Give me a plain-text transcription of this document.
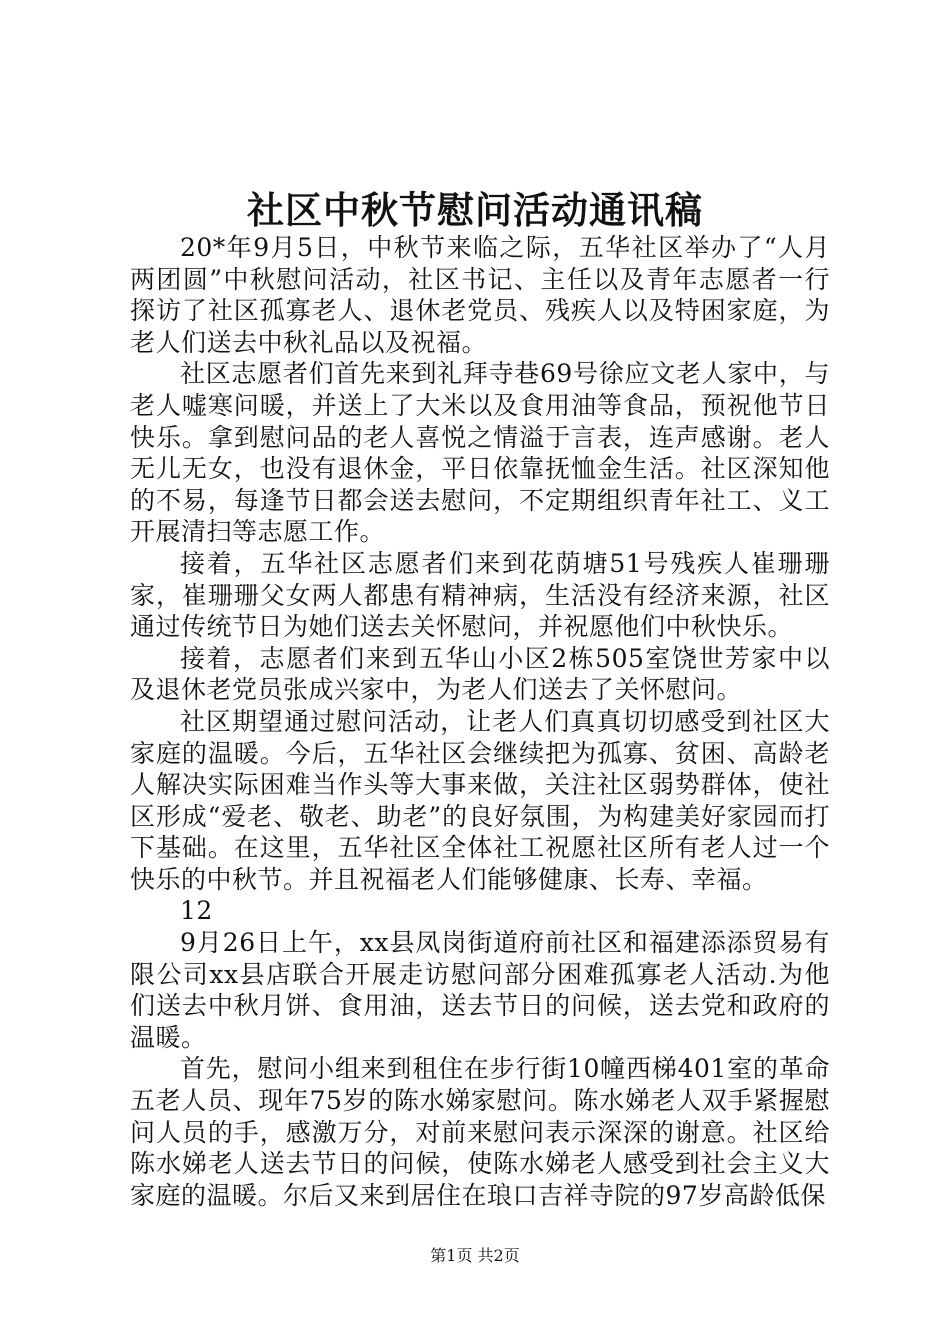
社区中秋节慰问活动通讯稿

20*年9月5日，中秋节来临之际，五华社区举办了“人月两团圆”中秋慰问活动，社区书记、主任以及青年志愿者一行探访了社区孤寡老人、退休老党员、残疾人以及特困家庭，为老人们送去中秋礼品以及祝福。

社区志愿者们首先来到礼拜寺巷69号徐应文老人家中，与老人嘘寒问暖，并送上了大米以及食用油等食品，预祝他节日快乐。拿到慰问品的老人喜悦之情溢于言表，连声感谢。老人无儿无女，也没有退休金，平日依靠抚恤金生活。社区深知他的不易，每逢节日都会送去慰问，不定期组织青年社工、义工开展清扫等志愿工作。

接着，五华社区志愿者们来到花荫塘51号残疾人崔珊珊家，崔珊珊父女两人都患有精神病，生活没有经济来源，社区通过传统节日为她们送去关怀慰问，并祝愿他们中秋快乐。

接着，志愿者们来到五华山小区2栋505室饶世芳家中以及退休老党员张成兴家中，为老人们送去了关怀慰问。

社区期望通过慰问活动，让老人们真真切切感受到社区大家庭的温暖。今后，五华社区会继续把为孤寡、贫困、高龄老人解决实际困难当作头等大事来做，关注社区弱势群体，使社区形成“爱老、敬老、助老”的良好氛围，为构建美好家园而打下基础。在这里，五华社区全体社工祝愿社区所有老人过一个快乐的中秋节。并且祝福老人们能够健康、长寿、幸福。

12

9月26日上午，xx县凤岗街道府前社区和福建添添贸易有限公司xx县店联合开展走访慰问部分困难孤寡老人活动.为他们送去中秋月饼、食用油，送去节日的问候，送去党和政府的温暖。

首先，慰问小组来到租住在步行街10幢西梯401室的革命五老人员、现年75岁的陈水娣家慰问。陈水娣老人双手紧握慰问人员的手，感激万分，对前来慰问表示深深的谢意。社区给陈水娣老人送去节日的问候，使陈水娣老人感受到社会主义大家庭的温暖。尔后又来到居住在琅口吉祥寺院的97岁高龄低保

第1页 共2页
